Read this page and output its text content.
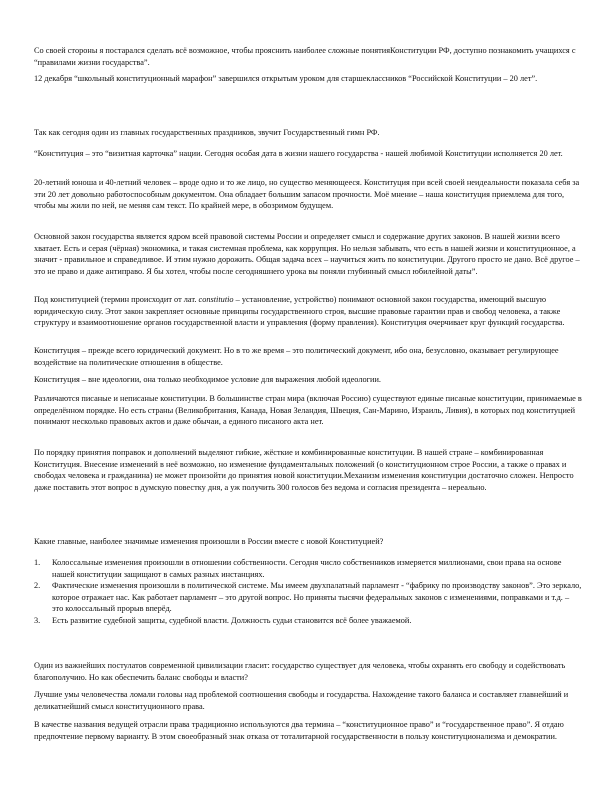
Со своей стороны я постарался сделать всё возможное, чтобы прояснить наиболее сложные понятияКонституции РФ, доступно познакомить учащихся с “правилами жизни государства”.

12 декабря “школьный конституционный марафон” завершился открытым уроком для старшеклассников “Российской Конституции – 20 лет”.

Так как сегодня один из главных государственных праздников, звучит Государственный гимн РФ.

“Конституция – это “визитная карточка” нации. Сегодня особая дата в жизни нашего государства - нашей любимой Конституции исполняется 20 лет.

20-летний юноша и 40-летний человек – вроде одно и то же лицо, но существо меняющееся. Конституция при всей своей неидеальности показала себя за эти 20 лет довольно работоспособным документом. Она обладает большим запасом прочности. Моё мнение – наша конституция приемлема для того, чтобы мы жили по ней, не меняя сам текст. По крайней мере, в обозримом будущем.

Основной закон государства является ядром всей правовой системы России и определяет смысл и содержание других законов. В нашей жизни всего хватает. Есть и серая (чёрная) экономика, и такая системная проблема, как коррупция. Но нельзя забывать, что есть в нашей жизни и конституционное, а значит - правильное и справедливое. И этим нужно дорожить. Общая задача всех – научиться жить по конституции. Другого просто не дано. Всё другое – это не право и даже антиправо. Я бы хотел, чтобы после сегодняшнего урока вы поняли глубинный смысл юбилейной даты”.

Под конституцией (термин происходит от лат. constitutio – установление, устройство) понимают основной закон государства, имеющий высшую юридическую силу. Этот закон закрепляет основные принципы государственного строя, высшие правовые гарантии прав и свобод человека, а также структуру и взаимоотношение органов государственной власти и управления (форму правления). Конституция очерчивает круг функций государства.

Конституция – прежде всего юридический документ. Но в то же время – это политический документ, ибо она, безусловно, оказывает регулирующее воздействие на политические отношения в обществе.

Конституция – вне идеологии, она только необходимое условие для выражения любой идеологии.

Различаются писаные и неписаные конституции. В большинстве стран мира (включая Россию) существуют единые писаные конституции, принимаемые в определённом порядке. Но есть страны (Великобритания, Канада, Новая Зеландия, Швеция, Сан-Марино, Израиль, Ливия), в которых под конституцией понимают несколько правовых актов и даже обычаи, а единого писаного акта нет.

По порядку принятия поправок и дополнений выделяют гибкие, жёсткие и комбинированные конституции. В нашей стране – комбинированная Конституция. Внесение изменений в неё возможно, но изменение фундаментальных положений (о конституционном строе России, а также о правах и свободах человека и гражданина) не может произойти до принятия новой конституции.Механизм изменения конституции достаточно сложен. Непросто даже поставить этот вопрос в думскую повестку дня, а уж получить 300 голосов без ведома и согласия президента – нереально.

Какие главные, наиболее значимые изменения произошли в России вместе с новой Конституцией?

1.	Колоссальные изменения произошли в отношении собственности. Сегодня число собственников измеряется миллионами, свои права на основе нашей конституции защищают в самых разных инстанциях.
2.	Фактические изменения произошли в политической системе. Мы имеем двухпалатный парламент - “фабрику по производству законов”. Это зеркало, которое отражает нас. Как работает парламент – это другой вопрос. Но приняты тысячи федеральных законов с изменениями, поправками и т.д. – это колоссальный прорыв вперёд.
3.	Есть развитие судебной защиты, судебной власти. Должность судьи становится всё более уважаемой.

Один из важнейших постулатов современной цивилизации гласит: государство существует для человека, чтобы охранять его свободу и содействовать благополучию. Но как обеспечить баланс свободы и власти?

Лучшие умы человечества ломали головы над проблемой соотношения свободы и государства. Нахождение такого баланса и составляет главнейший и деликатнейший смысл конституционного права.

В качестве названия ведущей отрасли права традиционно используются два термина – “конституционное право” и “государственное право”. Я отдаю предпочтение первому варианту. В этом своеобразный знак отказа от тоталитарной государственности в пользу конституционализма и демократии.
